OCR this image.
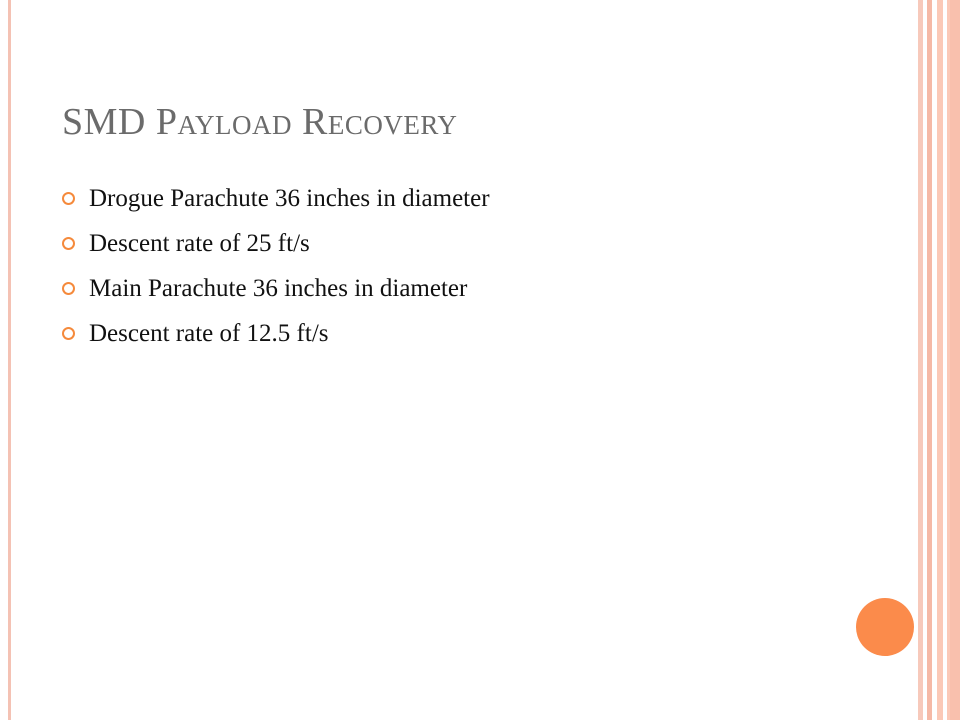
SMD Payload Recovery
Drogue Parachute 36 inches in diameter
Descent rate of 25 ft/s
Main Parachute 36 inches in diameter
Descent rate of 12.5 ft/s
